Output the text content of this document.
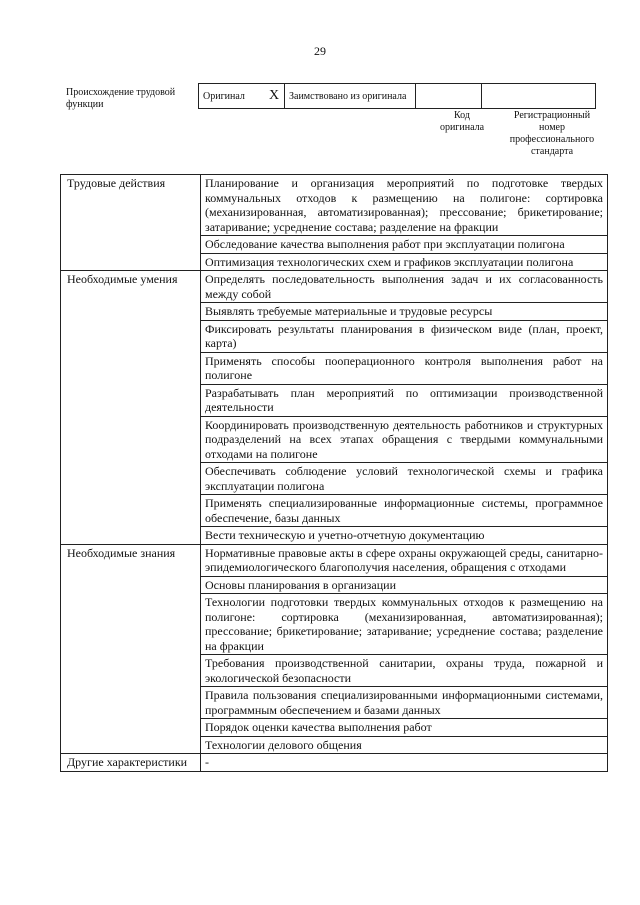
29
Происхождение трудовой функции
Оригинал	X	Заимствовано из оригинала		
Код оригинала
Регистрационный номер профессионального стандарта
Трудовые действия	Планирование и организация мероприятий по подготовке твердых коммунальных отходов к размещению на полигоне: сортировка (механизированная, автоматизированная); прессование; брикетирование; затаривание; усреднение состава; разделение на фракции
	Обследование качества выполнения работ при эксплуатации полигона
	Оптимизация технологических схем и графиков эксплуатации полигона
Необходимые умения	Определять последовательность выполнения задач и их согласованность между собой
	Выявлять требуемые материальные и трудовые ресурсы
	Фиксировать результаты планирования в физическом виде (план, проект, карта)
	Применять способы пооперационного контроля выполнения работ на полигоне
	Разрабатывать план мероприятий по оптимизации производственной деятельности
	Координировать производственную деятельность работников и структурных подразделений на всех этапах обращения с твердыми коммунальными отходами на полигоне
	Обеспечивать соблюдение условий технологической схемы и графика эксплуатации полигона
	Применять специализированные информационные системы, программное обеспечение, базы данных
	Вести техническую и учетно-отчетную документацию
Необходимые знания	Нормативные правовые акты в сфере охраны окружающей среды, санитарно-эпидемиологического благополучия населения, обращения с отходами
	Основы планирования в организации
	Технологии подготовки твердых коммунальных отходов к размещению на полигоне: сортировка (механизированная, автоматизированная); прессование; брикетирование; затаривание; усреднение состава; разделение на фракции
	Требования производственной санитарии, охраны труда, пожарной и экологической безопасности
	Правила пользования специализированными информационными системами, программным обеспечением и базами данных
	Порядок оценки качества выполнения работ
	Технологии делового общения
Другие характеристики	-
